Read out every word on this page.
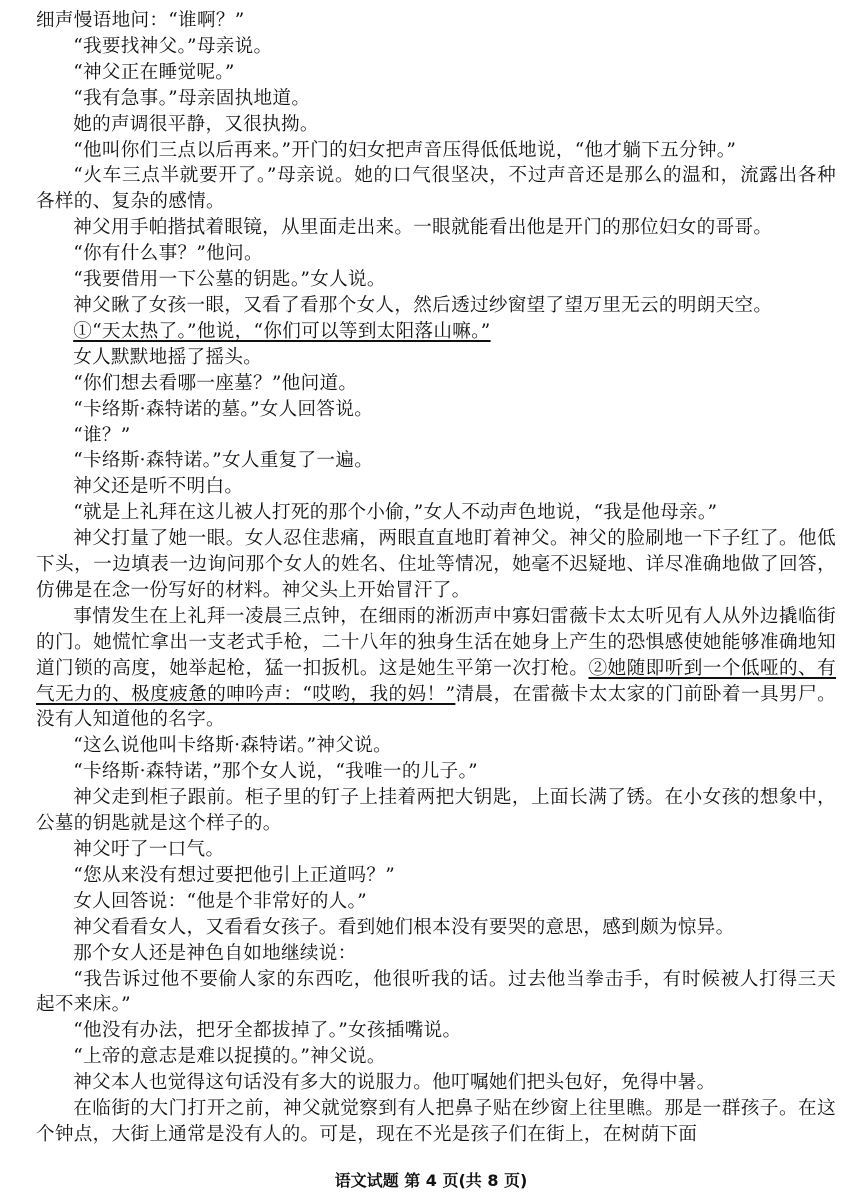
细声慢语地问：“谁啊？”

“我要找神父。”母亲说。

“神父正在睡觉呢。”

“我有急事。”母亲固执地道。

她的声调很平静，又很执拗。

“他叫你们三点以后再来。”开门的妇女把声音压得低低地说，“他才躺下五分钟。”

“火车三点半就要开了。”母亲说。她的口气很坚决，不过声音还是那么的温和，流露出各种各样的、复杂的感情。

神父用手帕揩拭着眼镜，从里面走出来。一眼就能看出他是开门的那位妇女的哥哥。

“你有什么事？”他问。

“我要借用一下公墓的钥匙。”女人说。

神父瞅了女孩一眼，又看了看那个女人，然后透过纱窗望了望万里无云的明朗天空。

①“天太热了。”他说，“你们可以等到太阳落山嘛。”

女人默默地摇了摇头。

“你们想去看哪一座墓？”他问道。

“卡络斯·森特诺的墓。”女人回答说。

“谁？”

“卡络斯·森特诺。”女人重复了一遍。

神父还是听不明白。

“就是上礼拜在这儿被人打死的那个小偷，”女人不动声色地说，“我是他母亲。”

神父打量了她一眼。女人忍住悲痛，两眼直直地盯着神父。神父的脸刷地一下子红了。他低下头，一边填表一边询问那个女人的姓名、住址等情况，她毫不迟疑地、详尽准确地做了回答，仿佛是在念一份写好的材料。神父头上开始冒汗了。

事情发生在上礼拜一凌晨三点钟，在细雨的淅沥声中寡妇雷薇卡太太听见有人从外边撬临街的门。她慌忙拿出一支老式手枪，二十八年的独身生活在她身上产生的恐惧感使她能够准确地知道门锁的高度，她举起枪，猛一扣扳机。这是她生平第一次打枪。②她随即听到一个低哑的、有气无力的、极度疲惫的呻吟声：“哎哟，我的妈！”清晨，在雷薇卡太太家的门前卧着一具男尸。没有人知道他的名字。

“这么说他叫卡络斯·森特诺。”神父说。

“卡络斯·森特诺，”那个女人说，“我唯一的儿子。”

神父走到柜子跟前。柜子里的钉子上挂着两把大钥匙，上面长满了锈。在小女孩的想象中，公墓的钥匙就是这个样子的。

神父吁了一口气。

“您从来没有想过要把他引上正道吗？”

女人回答说：“他是个非常好的人。”

神父看看女人，又看看女孩子。看到她们根本没有要哭的意思，感到颇为惊异。

那个女人还是神色自如地继续说：

“我告诉过他不要偷人家的东西吃，他很听我的话。过去他当拳击手，有时候被人打得三天起不来床。”

“他没有办法，把牙全都拔掉了。”女孩插嘴说。

“上帝的意志是难以捉摸的。”神父说。

神父本人也觉得这句话没有多大的说服力。他叮嘱她们把头包好，免得中暑。

在临街的大门打开之前，神父就觉察到有人把鼻子贴在纱窗上往里瞧。那是一群孩子。在这个钟点，大街上通常是没有人的。可是，现在不光是孩子们在街上，在树荫下面

语文试题 第 4 页(共 8 页)
